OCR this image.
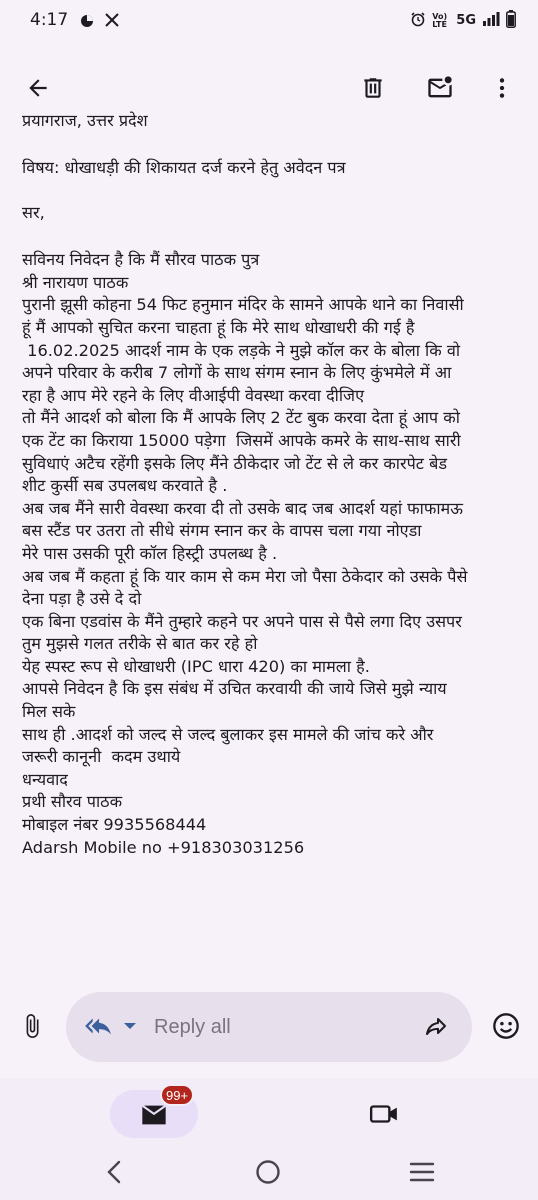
4:17	Vo) LTE 5G

प्रयागराज, उत्तर प्रदेश

विषय: धोखाधड़ी की शिकायत दर्ज करने हेतु अवेदन पत्र

सर,

सविनय निवेदन है कि मैं सौरव पाठक पुत्र

श्री नारायण पाठक

पुरानी झूसी कोहना 54 फिट हनुमान मंदिर के सामने आपके थाने का निवासी

हूं मैं आपको सुचित करना चाहता हूं कि मेरे साथ धोखाधरी की गई है

16.02.2025 आदर्श नाम के एक लड़के ने मुझे कॉल कर के बोला कि वो

अपने परिवार के करीब 7 लोगों के साथ संगम स्नान के लिए कुंभमेले में आ

रहा है आप मेरे रहने के लिए वीआईपी वेवस्था करवा दीजिए

तो मैंने आदर्श को बोला कि मैं आपके लिए 2 टेंट बुक करवा देता हूं आप को

एक टेंट का किराया 15000 पड़ेगा  जिसमें आपके कमरे के साथ-साथ सारी

सुविधाएं अटैच रहेंगी इसके लिए मैंने ठीकेदार जो टेंट से ले कर कारपेट बेड

शीट कुर्सी सब उपलबध करवाते है .

अब जब मैंने सारी वेवस्था करवा दी तो उसके बाद जब आदर्श यहां फाफामऊ

बस स्टैंड पर उतरा तो सीधे संगम स्नान कर के वापस चला गया नोएडा

मेरे पास उसकी पूरी कॉल हिस्ट्री उपलब्ध है .

अब जब मैं कहता हूं कि यार काम से कम मेरा जो पैसा ठेकेदार को उसके पैसे

देना पड़ा है उसे दे दो

एक बिना एडवांस के मैंने तुम्हारे कहने पर अपने पास से पैसे लगा दिए उसपर

तुम मुझसे गलत तरीके से बात कर रहे हो

येह स्पस्ट रूप से धोखाधरी (IPC धारा 420) का मामला है.

आपसे निवेदन है कि इस संबंध में उचित करवायी की जाये जिसे मुझे न्याय

मिल सके

साथ ही .आदर्श को जल्द से जल्द बुलाकर इस मामले की जांच करे और

जरूरी कानूनी  कदम उथाये

धन्यवाद

प्रथी सौरव पाठक

मोबाइल नंबर 9935568444

Adarsh Mobile no +918303031256

Reply all
99+
